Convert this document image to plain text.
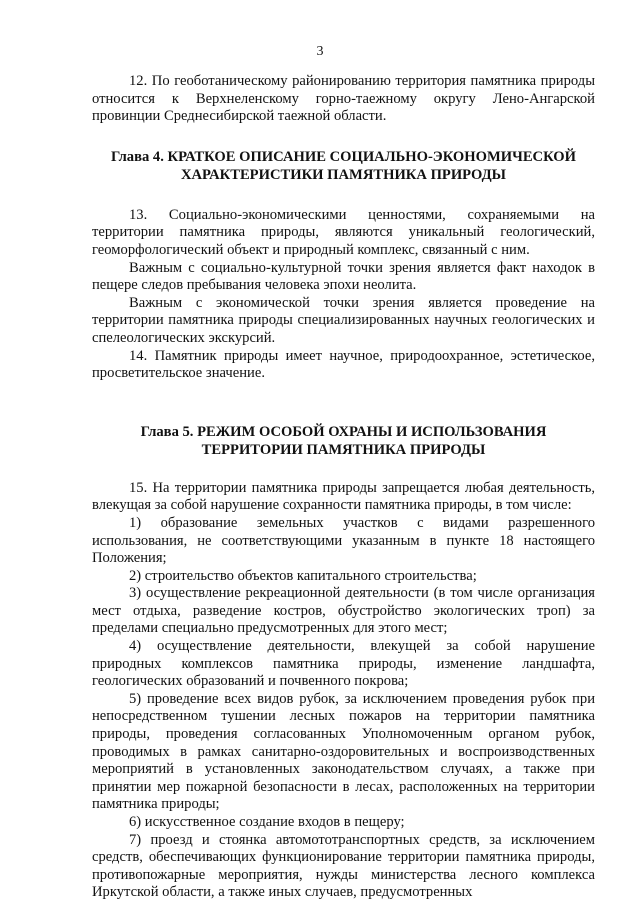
3

12. По геоботаническому районированию территория памятника природы относится к Верхнеленскому горно-таежному округу Лено-Ангарской провинции Среднесибирской таежной области.

Глава 4. КРАТКОЕ ОПИСАНИЕ СОЦИАЛЬНО-ЭКОНОМИЧЕСКОЙ
ХАРАКТЕРИСТИКИ ПАМЯТНИКА ПРИРОДЫ

13. Социально-экономическими ценностями, сохраняемыми на территории памятника природы, являются уникальный геологический, геоморфологический объект и природный комплекс, связанный с ним.

Важным с социально-культурной точки зрения является факт находок в пещере следов пребывания человека эпохи неолита.

Важным с экономической точки зрения является проведение на территории памятника природы специализированных научных геологических и спелеологических экскурсий.

14. Памятник природы имеет научное, природоохранное, эстетическое, просветительское значение.

Глава 5. РЕЖИМ ОСОБОЙ ОХРАНЫ И ИСПОЛЬЗОВАНИЯ
ТЕРРИТОРИИ ПАМЯТНИКА ПРИРОДЫ

15. На территории памятника природы запрещается любая деятельность, влекущая за собой нарушение сохранности памятника природы, в том числе:

1) образование земельных участков с видами разрешенного использования, не соответствующими указанным в пункте 18 настоящего Положения;

2) строительство объектов капитального строительства;

3) осуществление рекреационной деятельности (в том числе организация мест отдыха, разведение костров, обустройство экологических троп) за пределами специально предусмотренных для этого мест;

4) осуществление деятельности, влекущей за собой нарушение природных комплексов памятника природы, изменение ландшафта, геологических образований и почвенного покрова;

5) проведение всех видов рубок, за исключением проведения рубок при непосредственном тушении лесных пожаров на территории памятника природы, проведения согласованных Уполномоченным органом рубок, проводимых в рамках санитарно-оздоровительных и воспроизводственных мероприятий в установленных законодательством случаях, а также при принятии мер пожарной безопасности в лесах, расположенных на территории памятника природы;

6) искусственное создание входов в пещеру;

7) проезд и стоянка автомототранспортных средств, за исключением средств, обеспечивающих функционирование территории памятника природы, противопожарные мероприятия, нужды министерства лесного комплекса Иркутской области, а также иных случаев, предусмотренных
